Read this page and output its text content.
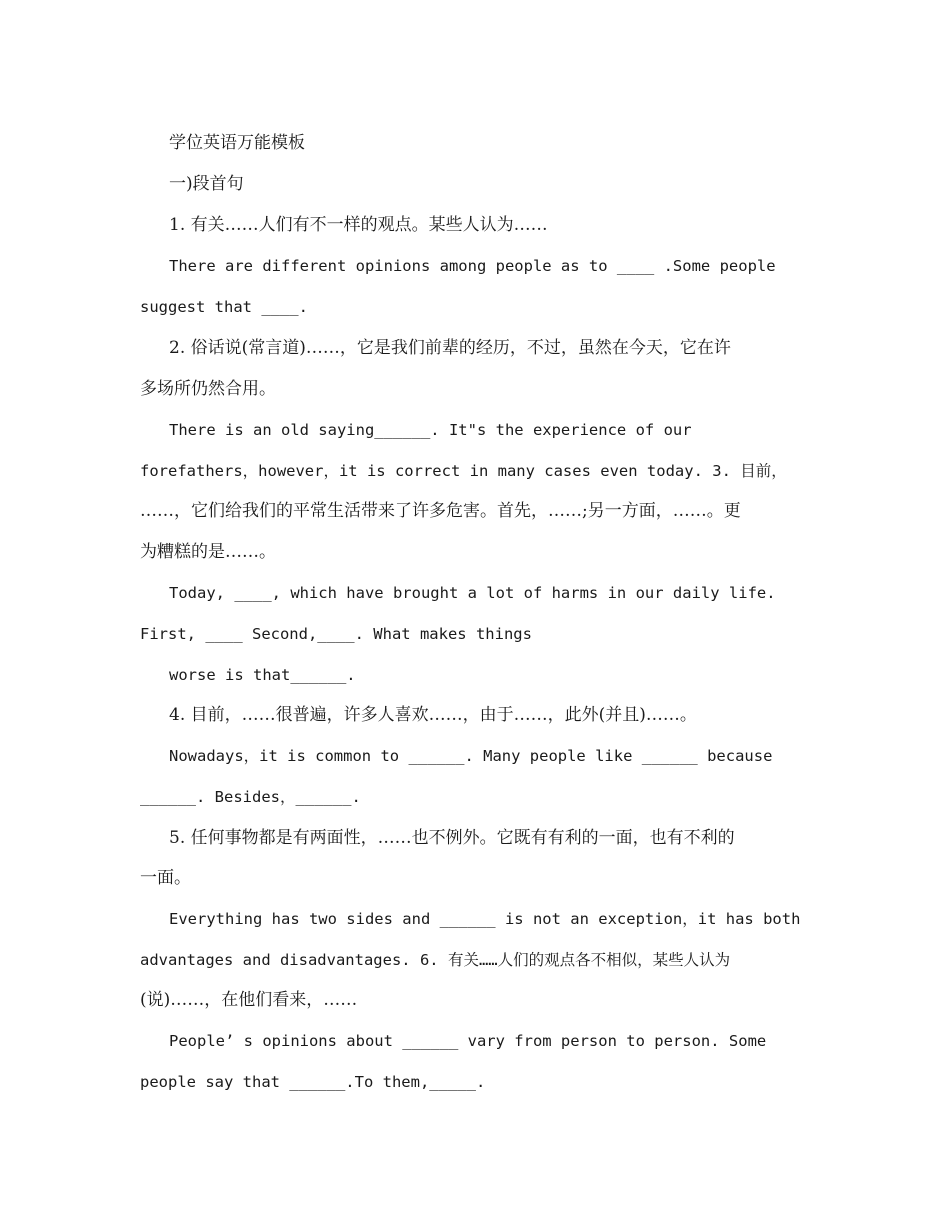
学位英语万能模板
一)段首句
1. 有关……人们有不一样的观点。某些人认为……
There are different opinions among people as to ____ .Some people
suggest that ____.
2. 俗话说(常言道)……，它是我们前辈的经历，不过，虽然在今天，它在许
多场所仍然合用。
There is an old saying______. It"s the experience of our
forefathers，however，it is correct in many cases even today. 3. 目前，
……，它们给我们的平常生活带来了许多危害。首先，……;另一方面，……。更
为糟糕的是……。
Today, ____, which have brought a lot of harms in our daily life.
First, ____ Second,____. What makes things
worse is that______.
4. 目前，……很普遍，许多人喜欢……，由于……，此外(并且)……。
Nowadays，it is common to ______. Many people like ______ because
______. Besides，______.
5. 任何事物都是有两面性，……也不例外。它既有有利的一面，也有不利的
一面。
Everything has two sides and ______ is not an exception，it has both
advantages and disadvantages. 6. 有关……人们的观点各不相似，某些人认为
(说)……，在他们看来，……
People’ s opinions about ______ vary from person to person. Some
people say that ______.To them,_____.
